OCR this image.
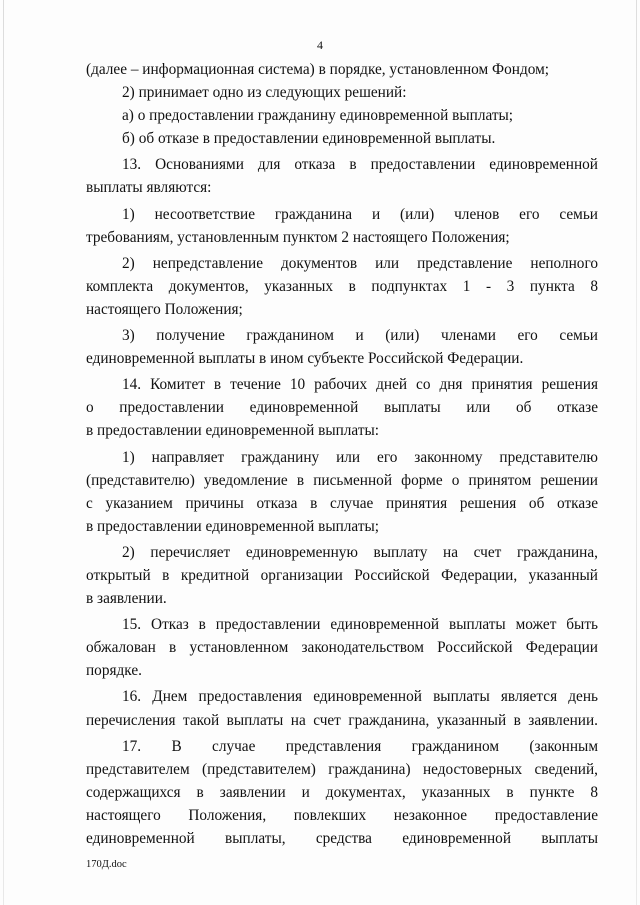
4
(далее – информационная система) в порядке, установленном Фондом;
2) принимает одно из следующих решений:
а) о предоставлении гражданину единовременной выплаты;
б) об отказе в предоставлении единовременной выплаты.
13. Основаниями для отказа в предоставлении единовременной
выплаты являются:
1) несоответствие гражданина и (или) членов его семьи
требованиям, установленным пунктом 2 настоящего Положения;
2) непредставление документов или представление неполного
комплекта документов, указанных в подпунктах 1 - 3 пункта 8
настоящего Положения;
3) получение гражданином и (или) членами его семьи
единовременной выплаты в ином субъекте Российской Федерации.
14. Комитет в течение 10 рабочих дней со дня принятия решения
о предоставлении единовременной выплаты или об отказе
в предоставлении единовременной выплаты:
1) направляет гражданину или его законному представителю
(представителю) уведомление в письменной форме о принятом решении
с указанием причины отказа в случае принятия решения об отказе
в предоставлении единовременной выплаты;
2) перечисляет единовременную выплату на счет гражданина,
открытый в кредитной организации Российской Федерации, указанный
в заявлении.
15. Отказ в предоставлении единовременной выплаты может быть
обжалован в установленном законодательством Российской Федерации
порядке.
16. Днем предоставления единовременной выплаты является день
перечисления такой выплаты на счет гражданина, указанный в заявлении.
17. В случае представления гражданином (законным
представителем (представителем) гражданина) недостоверных сведений,
содержащихся в заявлении и документах, указанных в пункте 8
настоящего Положения, повлекших незаконное предоставление
единовременной выплаты, средства единовременной выплаты
170Д.doc
